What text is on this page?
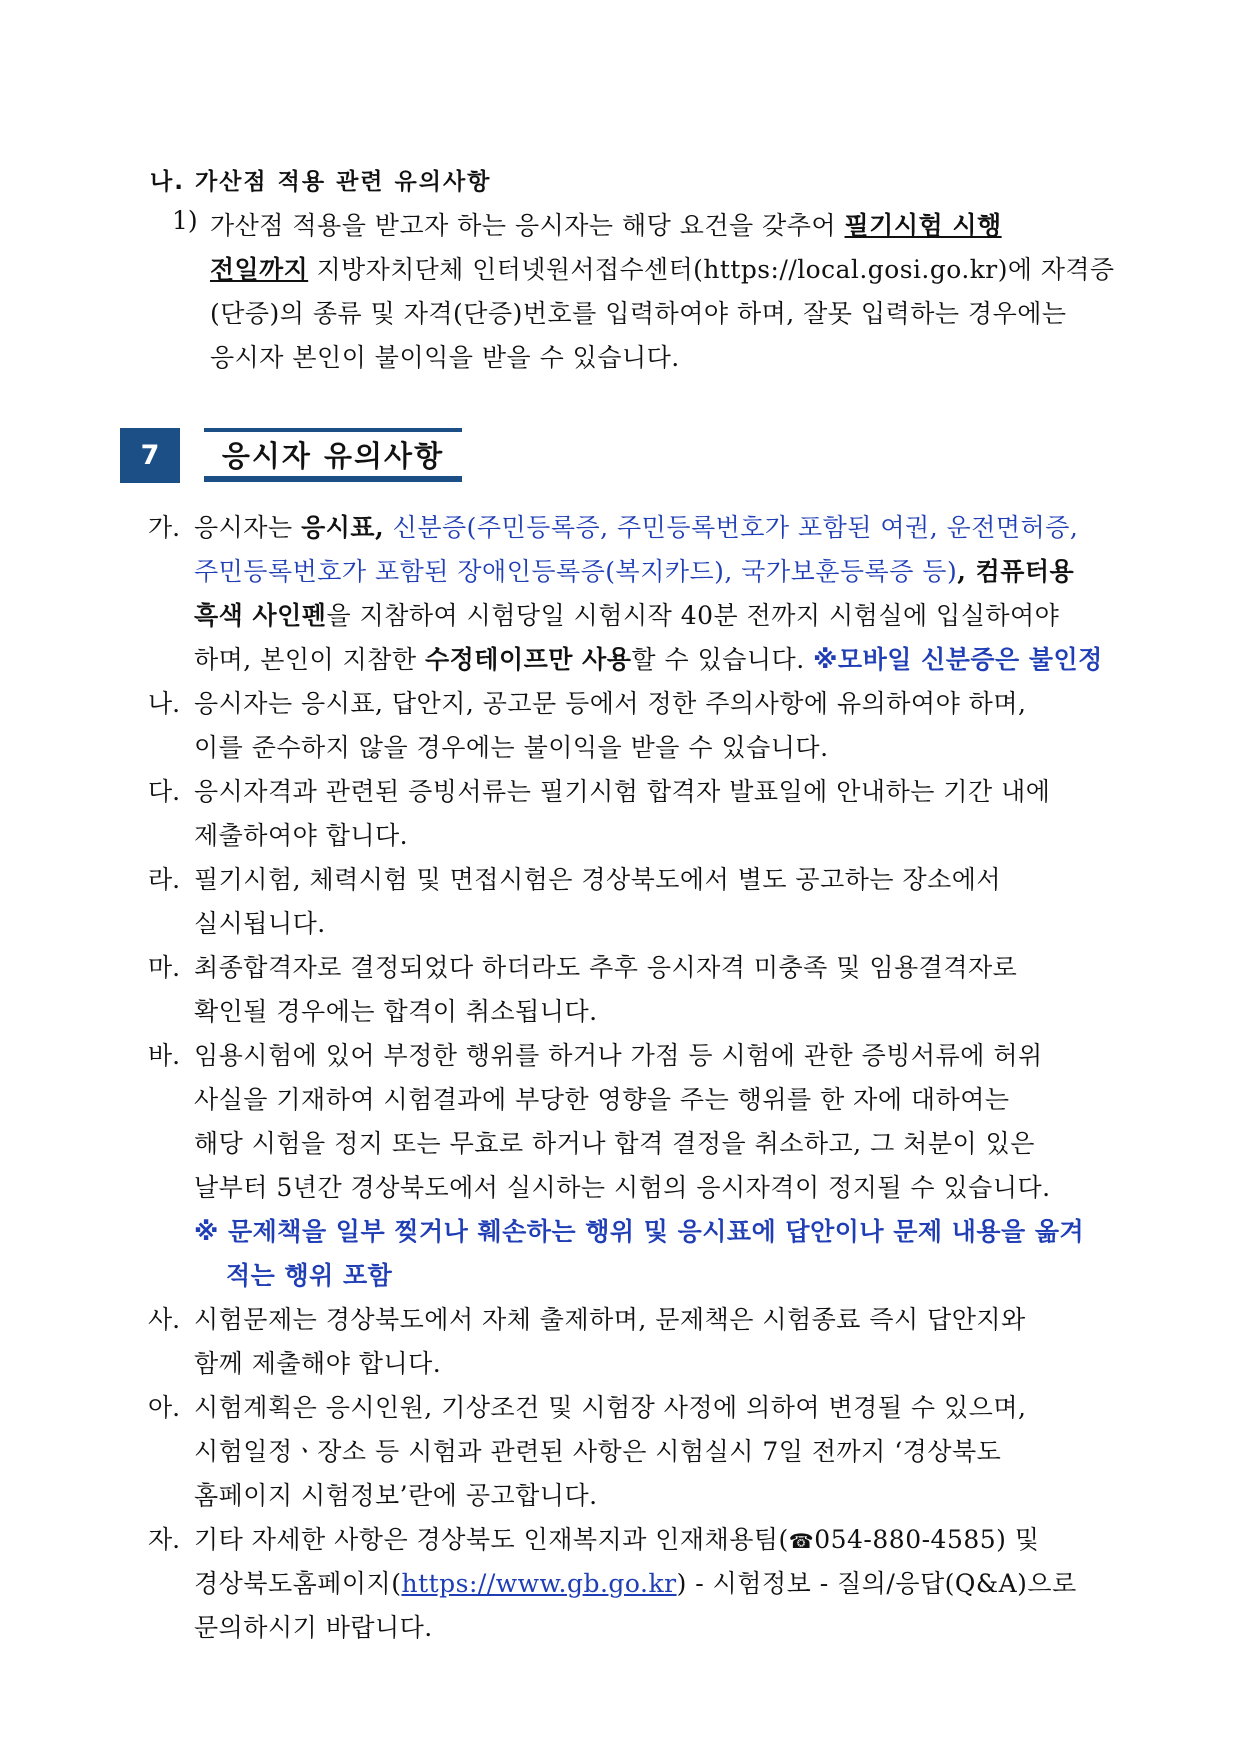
나. 가산점 적용 관련 유의사항
1) 가산점 적용을 받고자 하는 응시자는 해당 요건을 갖추어 필기시험 시행
전일까지 지방자치단체 인터넷원서접수센터(https://local.gosi.go.kr)에 자격증
(단증)의 종류 및 자격(단증)번호를 입력하여야 하며, 잘못 입력하는 경우에는
응시자 본인이 불이익을 받을 수 있습니다.
7	응시자 유의사항
가. 응시자는 응시표, 신분증(주민등록증, 주민등록번호가 포함된 여권, 운전면허증,
주민등록번호가 포함된 장애인등록증(복지카드), 국가보훈등록증 등), 컴퓨터용
흑색 사인펜을 지참하여 시험당일 시험시작 40분 전까지 시험실에 입실하여야
하며, 본인이 지참한 수정테이프만 사용할 수 있습니다. ※모바일 신분증은 불인정
나. 응시자는 응시표, 답안지, 공고문 등에서 정한 주의사항에 유의하여야 하며,
이를 준수하지 않을 경우에는 불이익을 받을 수 있습니다.
다. 응시자격과 관련된 증빙서류는 필기시험 합격자 발표일에 안내하는 기간 내에
제출하여야 합니다.
라. 필기시험, 체력시험 및 면접시험은 경상북도에서 별도 공고하는 장소에서
실시됩니다.
마. 최종합격자로 결정되었다 하더라도 추후 응시자격 미충족 및 임용결격자로
확인될 경우에는 합격이 취소됩니다.
바. 임용시험에 있어 부정한 행위를 하거나 가점 등 시험에 관한 증빙서류에 허위
사실을 기재하여 시험결과에 부당한 영향을 주는 행위를 한 자에 대하여는
해당 시험을 정지 또는 무효로 하거나 합격 결정을 취소하고, 그 처분이 있은
날부터 5년간 경상북도에서 실시하는 시험의 응시자격이 정지될 수 있습니다.
※ 문제책을 일부 찢거나 훼손하는 행위 및 응시표에 답안이나 문제 내용을 옮겨
적는 행위 포함
사. 시험문제는 경상북도에서 자체 출제하며, 문제책은 시험종료 즉시 답안지와
함께 제출해야 합니다.
아. 시험계획은 응시인원, 기상조건 및 시험장 사정에 의하여 변경될 수 있으며,
시험일정ㆍ장소 등 시험과 관련된 사항은 시험실시 7일 전까지 ‘경상북도
홈페이지 시험정보’란에 공고합니다.
자. 기타 자세한 사항은 경상북도 인재복지과 인재채용팀(☎054-880-4585) 및
경상북도홈페이지(https://www.gb.go.kr) - 시험정보 - 질의/응답(Q&A)으로
문의하시기 바랍니다.
